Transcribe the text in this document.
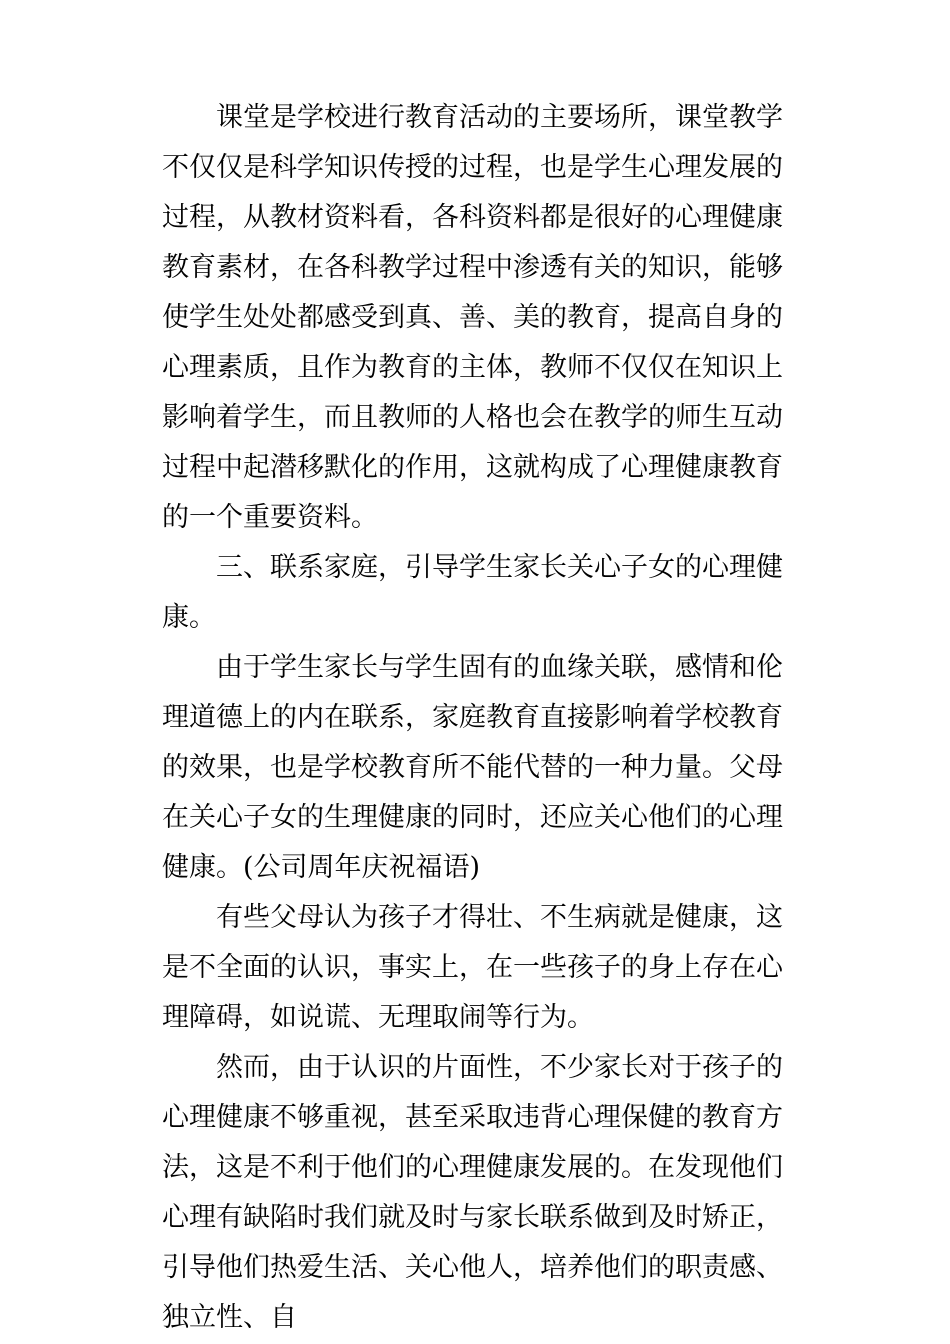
课堂是学校进行教育活动的主要场所，课堂教学不仅仅是科学知识传授的过程，也是学生心理发展的过程，从教材资料看，各科资料都是很好的心理健康教育素材，在各科教学过程中渗透有关的知识，能够使学生处处都感受到真、善、美的教育，提高自身的心理素质，且作为教育的主体，教师不仅仅在知识上影响着学生，而且教师的人格也会在教学的师生互动过程中起潜移默化的作用，这就构成了心理健康教育的一个重要资料。

三、联系家庭，引导学生家长关心子女的心理健康。

由于学生家长与学生固有的血缘关联，感情和伦理道德上的内在联系，家庭教育直接影响着学校教育的效果，也是学校教育所不能代替的一种力量。父母在关心子女的生理健康的同时，还应关心他们的心理健康。(公司周年庆祝福语)

有些父母认为孩子才得壮、不生病就是健康，这是不全面的认识，事实上，在一些孩子的身上存在心理障碍，如说谎、无理取闹等行为。

然而，由于认识的片面性，不少家长对于孩子的心理健康不够重视，甚至采取违背心理保健的教育方法，这是不利于他们的心理健康发展的。在发现他们心理有缺陷时我们就及时与家长联系做到及时矫正，引导他们热爱生活、关心他人，培养他们的职责感、独立性、自
